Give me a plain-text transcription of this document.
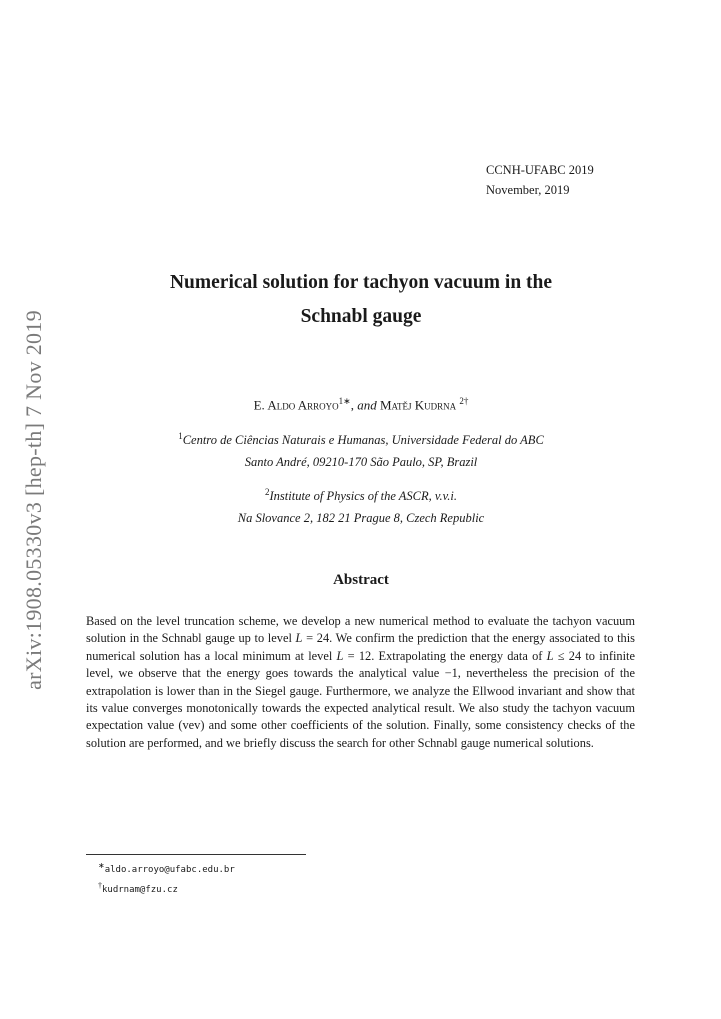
arXiv:1908.05330v3 [hep-th] 7 Nov 2019
CCNH-UFABC 2019
November, 2019
Numerical solution for tachyon vacuum in the
Schnabl gauge
E. Aldo Arroyo$^{1∗}$, and Matěj Kudrna $^{2\dagger}$
$^1$Centro de Ciências Naturais e Humanas, Universidade Federal do ABC
Santo André, 09210-170 São Paulo, SP, Brazil
$^2$Institute of Physics of the ASCR, v.v.i.
Na Slovance 2, 182 21 Prague 8, Czech Republic
Abstract

Based on the level truncation scheme, we develop a new numerical method to evaluate the tachyon vacuum solution in the Schnabl gauge up to level L = 24. We confirm the prediction that the energy associated to this numerical solution has a local minimum at level L = 12. Extrapolating the energy data of L ≤ 24 to infinite level, we observe that the energy goes towards the analytical value −1, nevertheless the precision of the extrapolation is lower than in the Siegel gauge. Furthermore, we analyze the Ellwood invariant and show that its value converges monotonically towards the expected analytical result. We also study the tachyon vacuum expectation value (vev) and some other coefficients of the solution. Finally, some consistency checks of the solution are performed, and we briefly discuss the search for other Schnabl gauge numerical solutions.

∗aldo.arroyo@ufabc.edu.br
†kudrnam@fzu.cz
